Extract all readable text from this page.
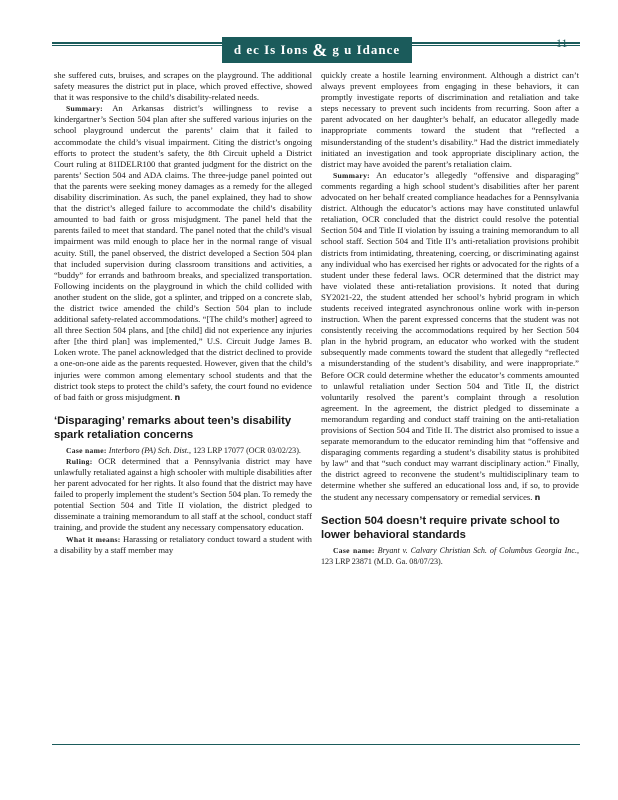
d ec Is Ions & g u Idance	11

she suffered cuts, bruises, and scrapes on the playground. The additional safety measures the district put in place, which proved effective, showed that it was responsive to the child’s disability-related needs.

Summary: An Arkansas district’s willingness to revise a kindergartner’s Section 504 plan after she suffered various injuries on the school playground undercut the parents’ claim that it failed to accommodate the child’s visual impairment. Citing the district’s ongoing efforts to protect the student’s safety, the 8th Circuit upheld a District Court ruling at 81IDELR100 that granted judgment for the district on the parents’ Section 504 and ADA claims. The three-judge panel pointed out that the parents were seeking money damages as a remedy for the alleged disability discrimination. As such, the panel explained, they had to show that the district’s alleged failure to accommodate the child’s disability amounted to bad faith or gross misjudgment. The panel held that the parents failed to meet that standard. The panel noted that the child’s visual impairment was mild enough to place her in the normal range of visual acuity. Still, the panel observed, the district developed a Section 504 plan that included supervision during classroom transitions and activities, a “buddy” for errands and bathroom breaks, and specialized transportation. Following incidents on the playground in which the child collided with another student on the slide, got a splinter, and tripped on a concrete slab, the district twice amended the child’s Section 504 plan to include additional safety-related accommodations. “[The child’s mother] agreed to all three Section 504 plans, and [the child] did not experience any injuries after [the third plan] was implemented,” U.S. Circuit Judge James B. Loken wrote. The panel acknowledged that the district declined to provide a one-on-one aide as the parents requested. However, given that the child’s injuries were common among elementary school students and that the district took steps to protect the child’s safety, the court found no evidence of bad faith or gross misjudgment. n

‘Disparaging’ remarks about teen’s disability spark retaliation concerns

Case name: Interboro (PA) Sch. Dist., 123 LRP 17077 (OCR 03/02/23).

Ruling: OCR determined that a Pennsylvania district may have unlawfully retaliated against a high schooler with multiple disabilities after her parent advocated for her rights. It also found that the district may have failed to properly implement the student’s Section 504 plan. To remedy the potential Section 504 and Title II violation, the district pledged to disseminate a training memorandum to all staff at the school, conduct staff training, and provide the student any necessary compensatory education.

What it means: Harassing or retaliatory conduct toward a student with a disability by a staff member may

quickly create a hostile learning environment. Although a district can’t always prevent employees from engaging in these behaviors, it can promptly investigate reports of discrimination and retaliation and take steps necessary to prevent such incidents from recurring. Soon after a parent advocated on her daughter’s behalf, an educator allegedly made inappropriate comments toward the student that “reflected a misunderstanding of the student’s disability.” Had the district immediately initiated an investigation and took appropriate disciplinary action, the district may have avoided the parent’s retaliation claim.

Summary: An educator’s allegedly “offensive and disparaging” comments regarding a high school student’s disabilities after her parent advocated on her behalf created compliance headaches for a Pennsylvania district. Although the educator’s actions may have constituted unlawful retaliation, OCR concluded that the district could resolve the potential Section 504 and Title II violation by issuing a training memorandum to all school staff. Section 504 and Title II’s anti-retaliation provisions prohibit districts from intimidating, threatening, coercing, or discriminating against any individual who has exercised her rights or advocated for the rights of a student under these federal laws. OCR determined that the district may have violated these anti-retaliation provisions. It noted that during SY2021-22, the student attended her school’s hybrid program in which students received integrated asynchronous online work with in-person instruction. When the parent expressed concerns that the student was not consistently receiving the accommodations required by her Section 504 plan in the hybrid program, an educator who worked with the student subsequently made comments toward the student that allegedly “reflected a misunderstanding of the student’s disability, and were inappropriate.” Before OCR could determine whether the educator’s comments amounted to unlawful retaliation under Section 504 and Title II, the district voluntarily resolved the parent’s complaint through a resolution agreement. In the agreement, the district pledged to disseminate a memorandum regarding and conduct staff training on the anti-retaliation provisions of Section 504 and Title II. The district also promised to issue a separate memorandum to the educator reminding him that “offensive and disparaging comments regarding a student’s disability status is prohibited by law” and that “such conduct may warrant disciplinary action.” Finally, the district agreed to reconvene the student’s multidisciplinary team to determine whether she suffered an educational loss and, if so, to provide the student any necessary compensatory or remedial services. n

Section 504 doesn’t require private school to lower behavioral standards

Case name: Bryant v. Calvary Christian Sch. of Columbus Georgia Inc., 123 LRP 23871 (M.D. Ga. 08/07/23).
